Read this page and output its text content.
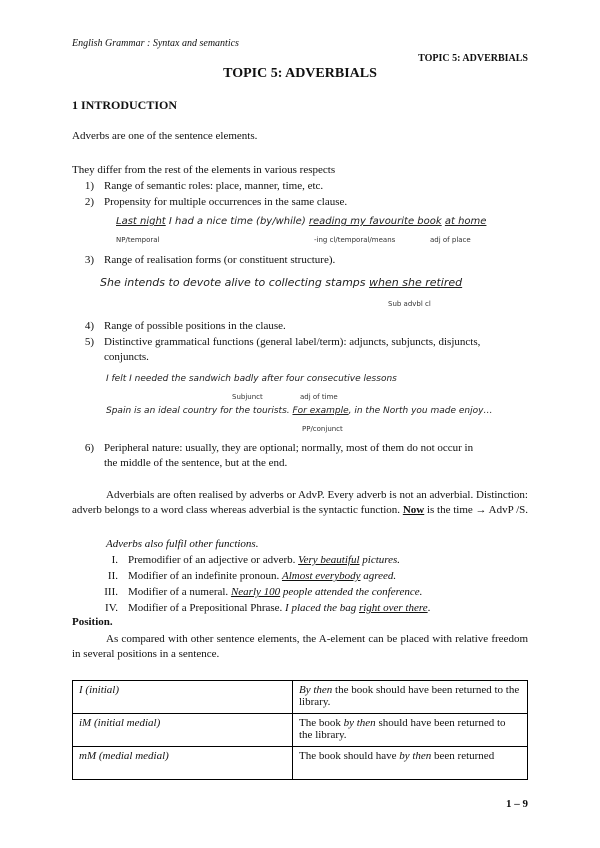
English Grammar : Syntax and semantics

TOPIC 5: ADVERBIALS

TOPIC 5: ADVERBIALS

1 INTRODUCTION

Adverbs are one of the sentence elements.

They differ from the rest of the elements in various respects

1) Range of semantic roles: place, manner, time, etc.
2) Propensity for multiple occurrences in the same clause.

Last night I had a nice time (by/while) reading my favourite book at home

NP/temporal	-ing cl/temporal/means	adj of place

3) Range of realisation forms (or constituent structure).

She intends to devote alive to collecting stamps when she retired

Sub advbl cl

4) Range of possible positions in the clause.
5) Distinctive grammatical functions (general label/term): adjuncts, subjuncts, disjuncts,
conjuncts.

I felt I needed the sandwich badly after four consecutive lessons

Subjunct	adj of time

Spain is an ideal country for the tourists. For example, in the North you made enjoy…

PP/conjunct

6) Peripheral nature: usually, they are optional; normally, most of them do not occur in
the middle of the sentence, but at the end.

Adverbials are often realised by adverbs or AdvP. Every adverb is not an adverbial. Distinction: adverb belongs to a word class whereas adverbial is the syntactic function. Now is the time → AdvP /S.

Adverbs also fulfil other functions.

I. Premodifier of an adjective or adverb. Very beautiful pictures.
II. Modifier of an indefinite pronoun. Almost everybody agreed.
III. Modifier of a numeral. Nearly 100 people attended the conference.
IV. Modifier of a Prepositional Phrase. I placed the bag right over there.

Position.

As compared with other sentence elements, the A-element can be placed with relative freedom in several positions in a sentence.

I (initial)	By then the book should have been returned to the library.
iM (initial medial)	The book by then should have been returned to the library.
mM (medial medial)	The book should have by then been returned

1 – 9
